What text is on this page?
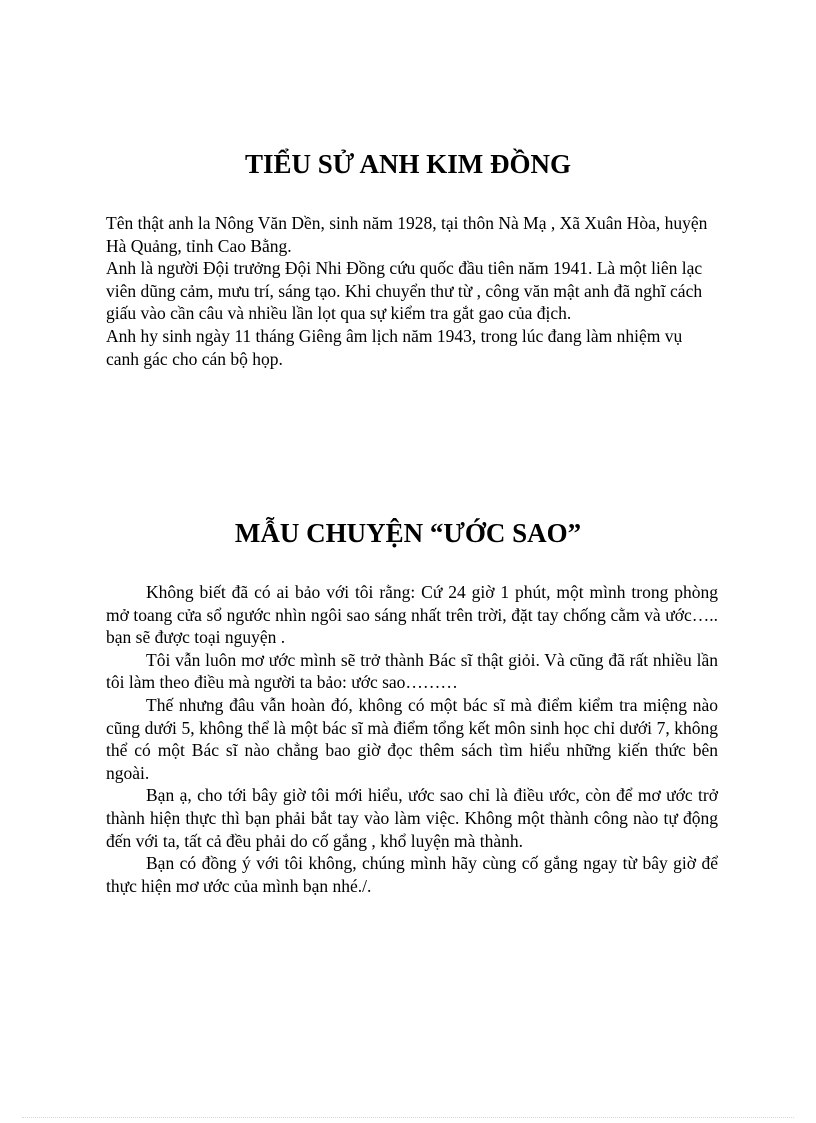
TIỂU SỬ ANH KIM ĐỒNG

Tên thật anh la Nông Văn Dền, sinh năm 1928, tại thôn Nà Mạ , Xã Xuân Hòa, huyện Hà Quảng, tỉnh Cao Bằng.

Anh là người Đội trưởng Đội Nhi Đồng cứu quốc đầu tiên năm 1941. Là một liên lạc viên dũng cảm, mưu trí, sáng tạo. Khi chuyển thư từ , công văn mật anh đã nghĩ cách giấu vào cần câu và nhiều lần lọt qua sự kiểm tra gắt gao của địch.

Anh hy sinh ngày 11 tháng Giêng âm lịch năm 1943, trong lúc đang làm nhiệm vụ canh gác cho cán bộ họp.

MẪU CHUYỆN “ƯỚC SAO”

Không biết đã có ai bảo với tôi rằng: Cứ 24 giờ 1 phút, một mình trong phòng mở toang cửa sổ ngước nhìn ngôi sao sáng nhất trên trời, đặt tay chống cằm và ước….. bạn sẽ được toại nguyện .

Tôi vẫn luôn mơ ước mình sẽ trở thành Bác sĩ thật giỏi. Và cũng đã rất nhiều lần tôi làm theo điều mà người ta bảo: ước sao………

Thế nhưng đâu vẫn hoàn đó, không có một bác sĩ mà điểm kiểm tra miệng nào cũng dưới 5, không thể là một bác sĩ mà điểm tổng kết môn sinh học chỉ dưới 7, không thể có một Bác sĩ nào chẳng bao giờ đọc thêm sách tìm hiểu những kiến thức bên ngoài.

Bạn ạ, cho tới bây giờ tôi mới hiểu, ước sao chỉ là điều ước, còn để mơ ước trở thành hiện thực thì bạn phải bắt tay vào làm việc. Không một thành công nào tự động đến với ta, tất cả đều phải do cố gắng , khổ luyện mà thành.

Bạn có đồng ý với tôi không, chúng mình hãy cùng cố gắng ngay từ bây giờ để thực hiện mơ ước của mình bạn nhé./.
